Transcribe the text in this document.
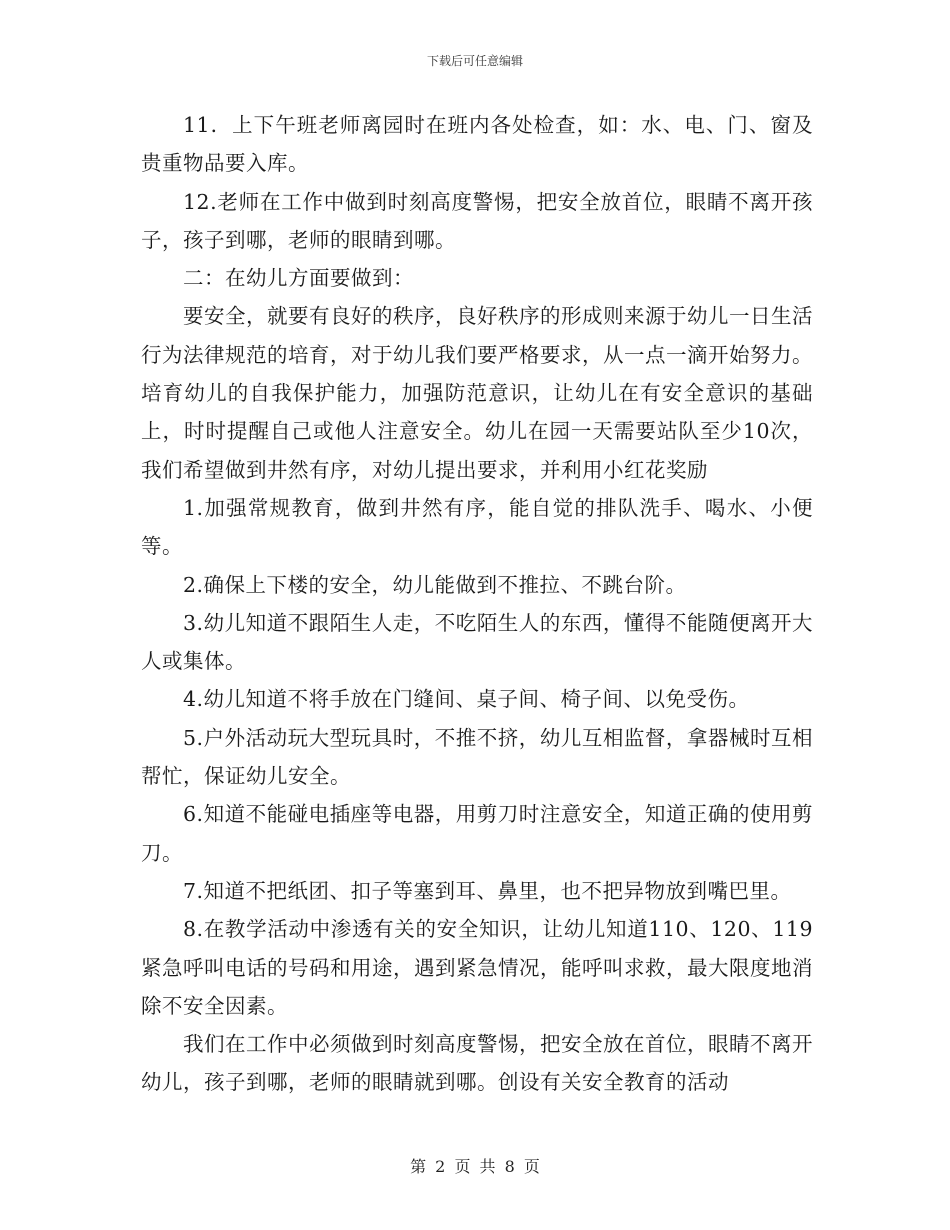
下载后可任意编辑

11．上下午班老师离园时在班内各处检查，如：水、电、门、窗及贵重物品要入库。

12.老师在工作中做到时刻高度警惕，把安全放首位，眼睛不离开孩子，孩子到哪，老师的眼睛到哪。

二：在幼儿方面要做到：

要安全，就要有良好的秩序，良好秩序的形成则来源于幼儿一日生活行为法律规范的培育，对于幼儿我们要严格要求，从一点一滴开始努力。培育幼儿的自我保护能力，加强防范意识，让幼儿在有安全意识的基础上，时时提醒自己或他人注意安全。幼儿在园一天需要站队至少10次，我们希望做到井然有序，对幼儿提出要求，并利用小红花奖励

1.加强常规教育，做到井然有序，能自觉的排队洗手、喝水、小便等。

2.确保上下楼的安全，幼儿能做到不推拉、不跳台阶。

3.幼儿知道不跟陌生人走，不吃陌生人的东西，懂得不能随便离开大人或集体。

4.幼儿知道不将手放在门缝间、桌子间、椅子间、以免受伤。

5.户外活动玩大型玩具时，不推不挤，幼儿互相监督，拿器械时互相帮忙，保证幼儿安全。

6.知道不能碰电插座等电器，用剪刀时注意安全，知道正确的使用剪刀。

7.知道不把纸团、扣子等塞到耳、鼻里，也不把异物放到嘴巴里。

8.在教学活动中渗透有关的安全知识，让幼儿知道110、120、119紧急呼叫电话的号码和用途，遇到紧急情况，能呼叫求救，最大限度地消除不安全因素。

我们在工作中必须做到时刻高度警惕，把安全放在首位，眼睛不离开幼儿，孩子到哪，老师的眼睛就到哪。创设有关安全教育的活动

第 2 页 共 8 页
